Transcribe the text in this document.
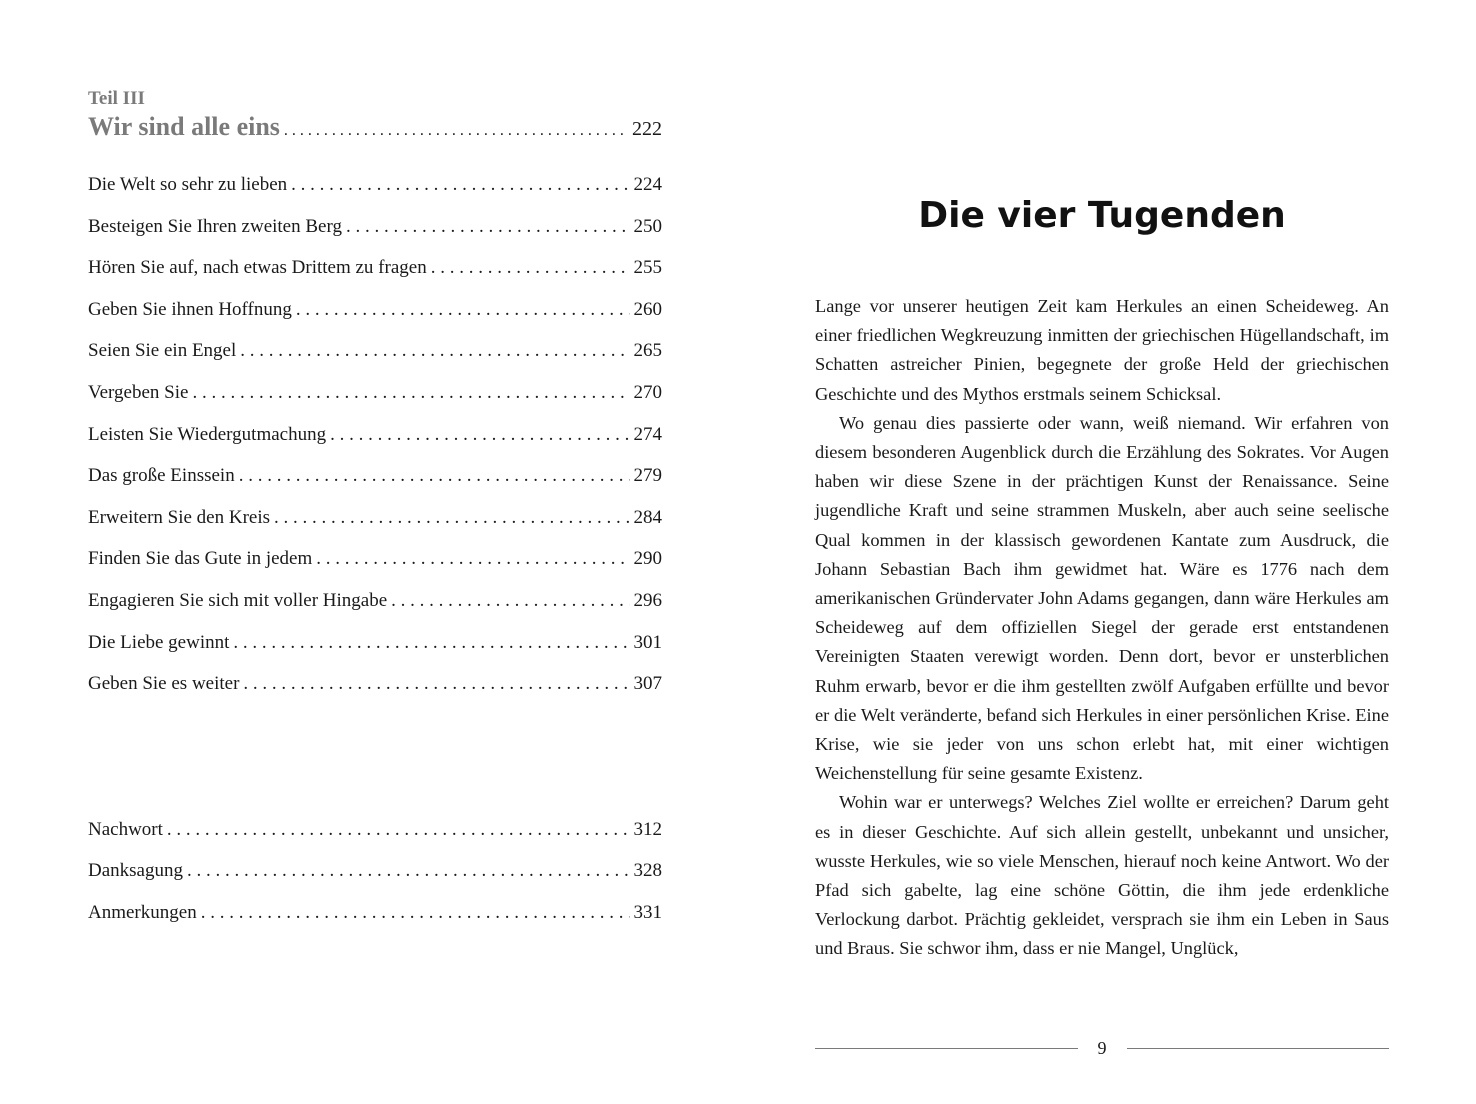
Teil III
Wir sind alle eins . . .	222
Die Welt so sehr zu lieben . . .	224
Besteigen Sie Ihren zweiten Berg . . .	250
Hören Sie auf, nach etwas Drittem zu fragen . . .	255
Geben Sie ihnen Hoffnung . . .	260
Seien Sie ein Engel . . .	265
Vergeben Sie . . .	270
Leisten Sie Wiedergutmachung . . .	274
Das große Einssein . . .	279
Erweitern Sie den Kreis . . .	284
Finden Sie das Gute in jedem . . .	290
Engagieren Sie sich mit voller Hingabe . . .	296
Die Liebe gewinnt . . .	301
Geben Sie es weiter . . .	307
Nachwort . . .	312
Danksagung . . .	328
Anmerkungen . . .	331
Die vier Tugenden

Lange vor unserer heutigen Zeit kam Herkules an einen Scheideweg. An einer friedlichen Wegkreuzung inmitten der griechischen Hügellandschaft, im Schatten astreicher Pinien, begegnete der große Held der griechischen Geschichte und des Mythos erstmals seinem Schicksal.

Wo genau dies passierte oder wann, weiß niemand. Wir erfahren von diesem besonderen Augenblick durch die Erzählung des Sokrates. Vor Augen haben wir diese Szene in der prächtigen Kunst der Renaissance. Seine jugendliche Kraft und seine strammen Muskeln, aber auch seine seelische Qual kommen in der klassisch gewordenen Kantate zum Ausdruck, die Johann Sebastian Bach ihm gewidmet hat. Wäre es 1776 nach dem amerikanischen Gründervater John Adams gegangen, dann wäre Herkules am Scheideweg auf dem offiziellen Siegel der gerade erst entstandenen Vereinigten Staaten verewigt worden. Denn dort, bevor er unsterblichen Ruhm erwarb, bevor er die ihm gestellten zwölf Aufgaben erfüllte und bevor er die Welt veränderte, befand sich Herkules in einer persönlichen Krise. Eine Krise, wie sie jeder von uns schon erlebt hat, mit einer wichtigen Weichenstellung für seine gesamte Existenz.

Wohin war er unterwegs? Welches Ziel wollte er erreichen? Darum geht es in dieser Geschichte. Auf sich allein gestellt, unbekannt und unsicher, wusste Herkules, wie so viele Menschen, hierauf noch keine Antwort. Wo der Pfad sich gabelte, lag eine schöne Göttin, die ihm jede erdenkliche Verlockung darbot. Prächtig gekleidet, versprach sie ihm ein Leben in Saus und Braus. Sie schwor ihm, dass er nie Mangel, Unglück,

9
